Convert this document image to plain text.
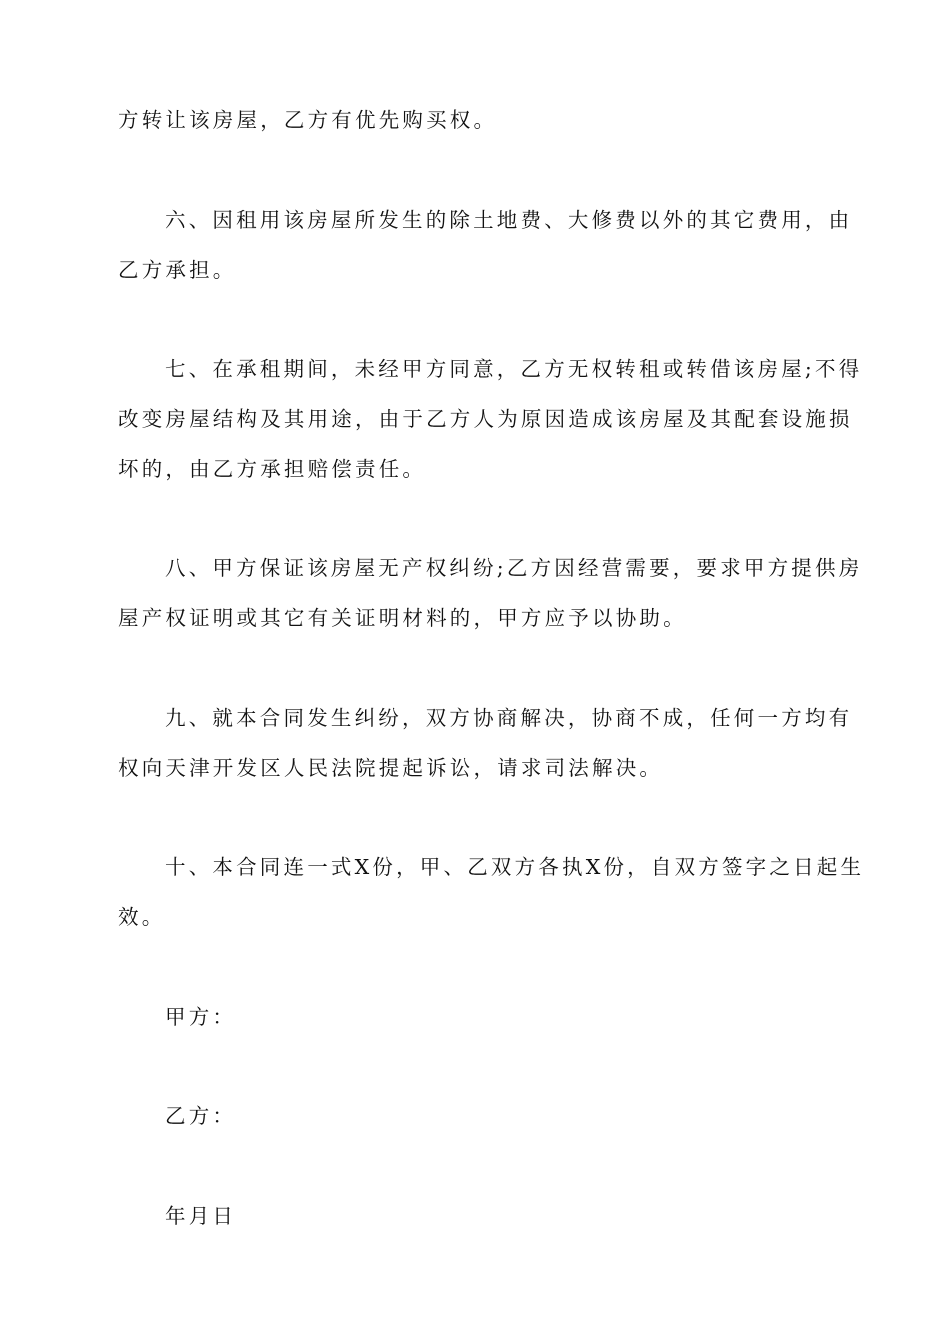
方转让该房屋，乙方有优先购买权。
六、因租用该房屋所发生的除土地费、大修费以外的其它费用，由
乙方承担。
七、在承租期间，未经甲方同意，乙方无权转租或转借该房屋;不得
改变房屋结构及其用途，由于乙方人为原因造成该房屋及其配套设施损
坏的，由乙方承担赔偿责任。
八、甲方保证该房屋无产权纠纷;乙方因经营需要，要求甲方提供房
屋产权证明或其它有关证明材料的，甲方应予以协助。
九、就本合同发生纠纷，双方协商解决，协商不成，任何一方均有
权向天津开发区人民法院提起诉讼，请求司法解决。
十、本合同连一式X份，甲、乙双方各执X份，自双方签字之日起生
效。
甲方：
乙方：
年月日
